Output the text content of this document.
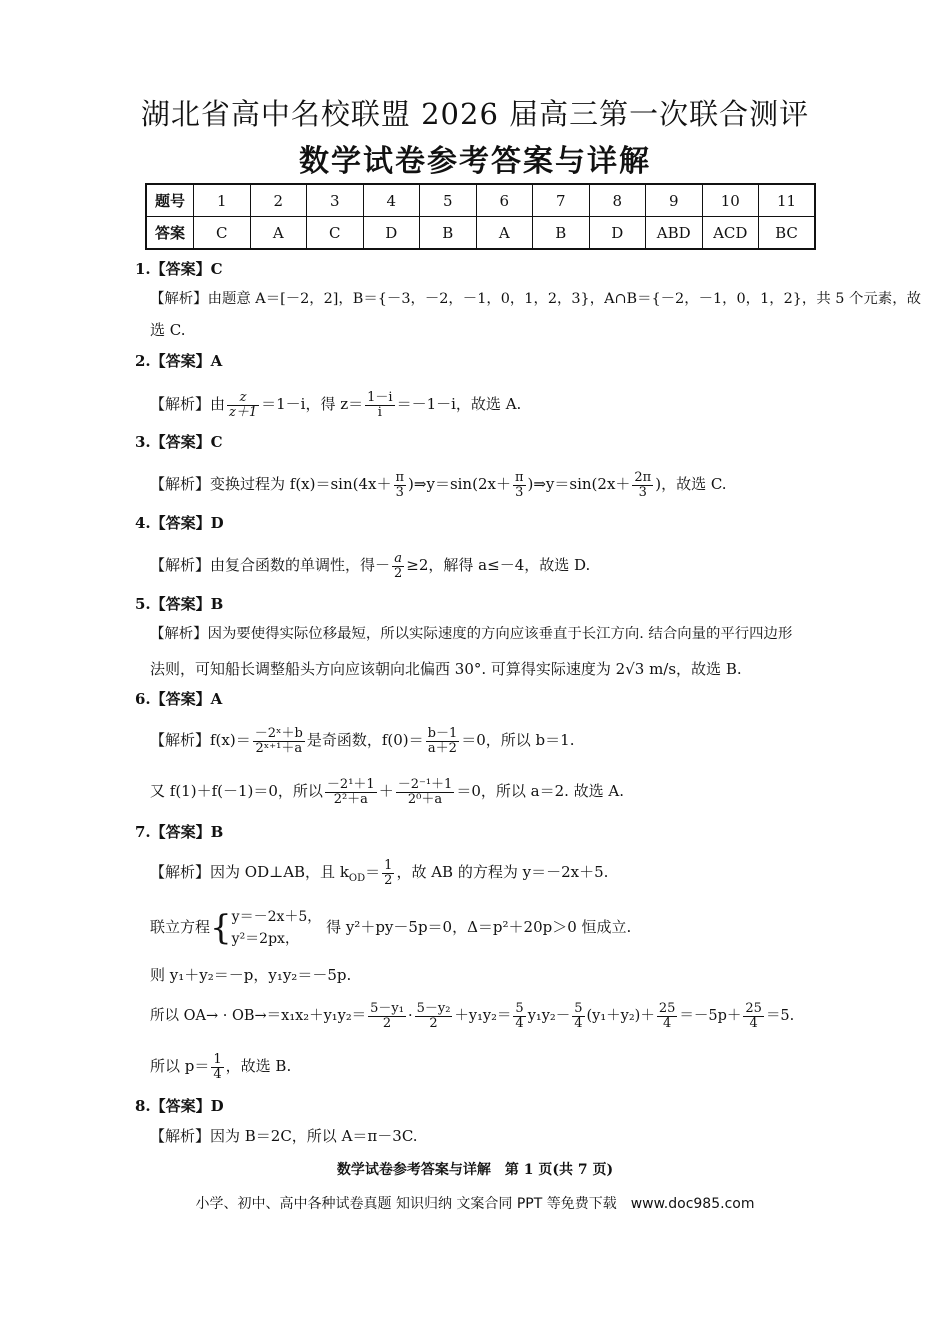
湖北省高中名校联盟 2026 届高三第一次联合测评
数学试卷参考答案与详解
题号	1	2	3	4	5	6	7	8	9	10	11
答案	C	A	C	D	B	A	B	D	ABD	ACD	BC
1.【答案】C
【解析】由题意 A＝[－2，2]，B＝{－3，－2，－1，0，1，2，3}，A∩B＝{－2，－1，0，1，2}，共 5 个元素，故
选 C.
2.【答案】A
【解析】由 $\frac{z}{z+1} =1-i$，得 $z= \frac{1-i}{i} =-1-i$，故选 A.
3.【答案】C
【解析】变换过程为 $f(x)=\sin(4x+ \frac{\pi}{3}$ )⇒y＝sin(2x＋ $\frac{\pi}{3}$ )⇒y＝sin(2x＋ $\frac{2\pi}{3}$ )，故选 C.
4.【答案】D
【解析】由复合函数的单调性，得－ $\frac{a}{2} \ge 2$，解得 a≤－4，故选 D.
5.【答案】B
【解析】因为要使得实际位移最短，所以实际速度的方向应该垂直于长江方向. 结合向量的平行四边形
法则，可知船长调整船头方向应该朝向北偏西 30°. 可算得实际速度为 2√3 m/s，故选 B.
6.【答案】A
【解析】$f(x)= \frac{\text{－2ˣ＋b}}{\text{2ˣ⁺¹＋a}}$ 是奇函数，$f(0)= \frac{b-1}{a+2} =0$，所以 b＝1.
又 f(1)＋f(－1)＝0，所以 $\frac{\text{－2¹＋1}}{\text{2²＋a}} + \frac{\text{－2⁻¹＋1}}{\text{2⁰＋a}} =0$，所以 a＝2. 故选 A.
7.【答案】B
【解析】因为 OD⊥AB，且 $k_{OD}= \frac{1}{2}$ ，故 AB 的方程为 y＝－2x＋5.
联立方程{ y＝－2x＋5，
y²＝2px，
得 y²＋py－5p＝0，Δ＝p²＋20p＞0 恒成立.
则 y₁＋y₂＝－p，y₁y₂＝－5p.
所以 $OA\to \cdot OB\to=x_1x_2+y_1y_2= \frac{\text{5－y₁}}{2} \cdot \frac{\text{5－y₂}}{2} +y_1y_2= \frac{5}{4} y_1y_2- \frac{5}{4} (y_1+y_2)+ \frac{25}{4} =-5p+ \frac{25}{4} =5$.
所以 $p= \frac{1}{4}$ ，故选 B.
8.【答案】D
【解析】因为 B＝2C，所以 A＝π－3C.
数学试卷参考答案与详解　第 1 页(共 7 页)
小学、初中、高中各种试卷真题 知识归纳 文案合同 PPT 等免费下载　www.doc985.com
